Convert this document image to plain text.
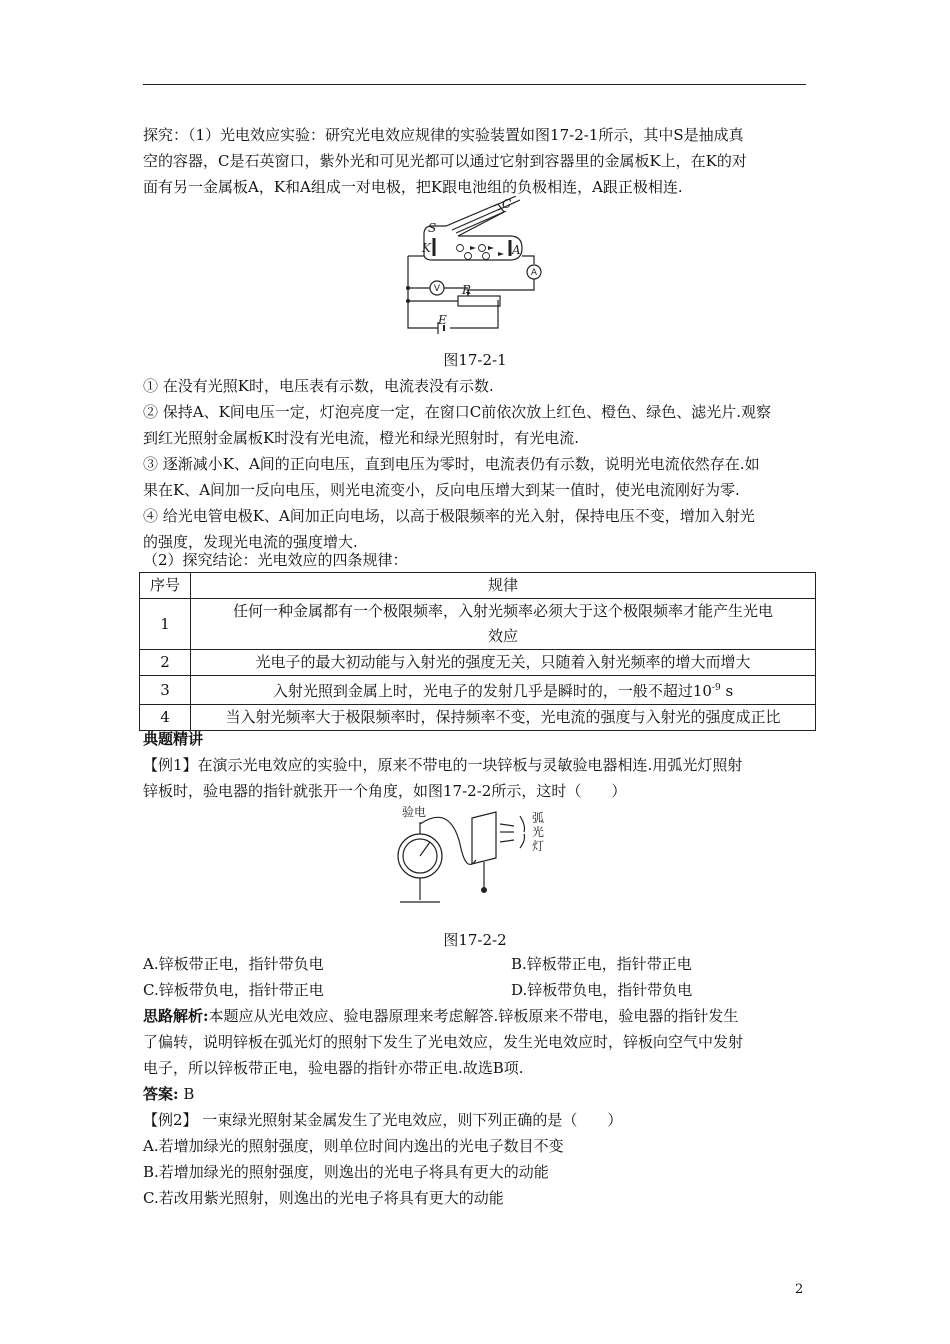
探究：（1）光电效应实验：研究光电效应规律的实验装置如图17-2-1所示，其中S是抽成真
空的容器，C是石英窗口，紫外光和可见光都可以通过它射到容器里的金属板K上，在K的对
面有另一金属板A，K和A组成一对电极，把K跟电池组的负极相连，A跟正极相连.
S
C
K	A
R
E
A
V
图17-2-1
① 在没有光照K时，电压表有示数，电流表没有示数.
② 保持A、K间电压一定，灯泡亮度一定，在窗口C前依次放上红色、橙色、绿色、滤光片.观察
到红光照射金属板K时没有光电流，橙光和绿光照射时，有光电流.
③ 逐渐减小K、A间的正向电压，直到电压为零时，电流表仍有示数，说明光电流依然存在.如
果在K、A间加一反向电压，则光电流变小，反向电压增大到某一值时，使光电流刚好为零.
④ 给光电管电极K、A间加正向电场，以高于极限频率的光入射，保持电压不变，增加入射光
的强度，发现光电流的强度增大.
（2）探究结论：光电效应的四条规律：
序号	规律
1	任何一种金属都有一个极限频率，入射光频率必须大于这个极限频率才能产生光电
效应

2	光电子的最大初动能与入射光的强度无关，只随着入射光频率的增大而增大
3	入射光照到金属上时，光电子的发射几乎是瞬时的，一般不超过$10^{-9}$ s
4	当入射光频率大于极限频率时，保持频率不变，光电流的强度与入射光的强度成正比
典题精讲
【例1】在演示光电效应的实验中，原来不带电的一块锌板与灵敏验电器相连.用弧光灯照射
锌板时，验电器的指针就张开一个角度，如图17-2-2所示，这时（　　）
验电	弧
光
灯
图17-2-2
A.锌板带正电，指针带负电	B.锌板带正电，指针带正电
C.锌板带负电，指针带正电	D.锌板带负电，指针带负电
思路解析:本题应从光电效应、验电器原理来考虑解答.锌板原来不带电，验电器的指针发生
了偏转，说明锌板在弧光灯的照射下发生了光电效应，发生光电效应时，锌板向空气中发射
电子，所以锌板带正电，验电器的指针亦带正电.故选B项.
答案: B
【例2】 一束绿光照射某金属发生了光电效应，则下列正确的是（　　）
A.若增加绿光的照射强度，则单位时间内逸出的光电子数目不变
B.若增加绿光的照射强度，则逸出的光电子将具有更大的动能
C.若改用紫光照射，则逸出的光电子将具有更大的动能
2
